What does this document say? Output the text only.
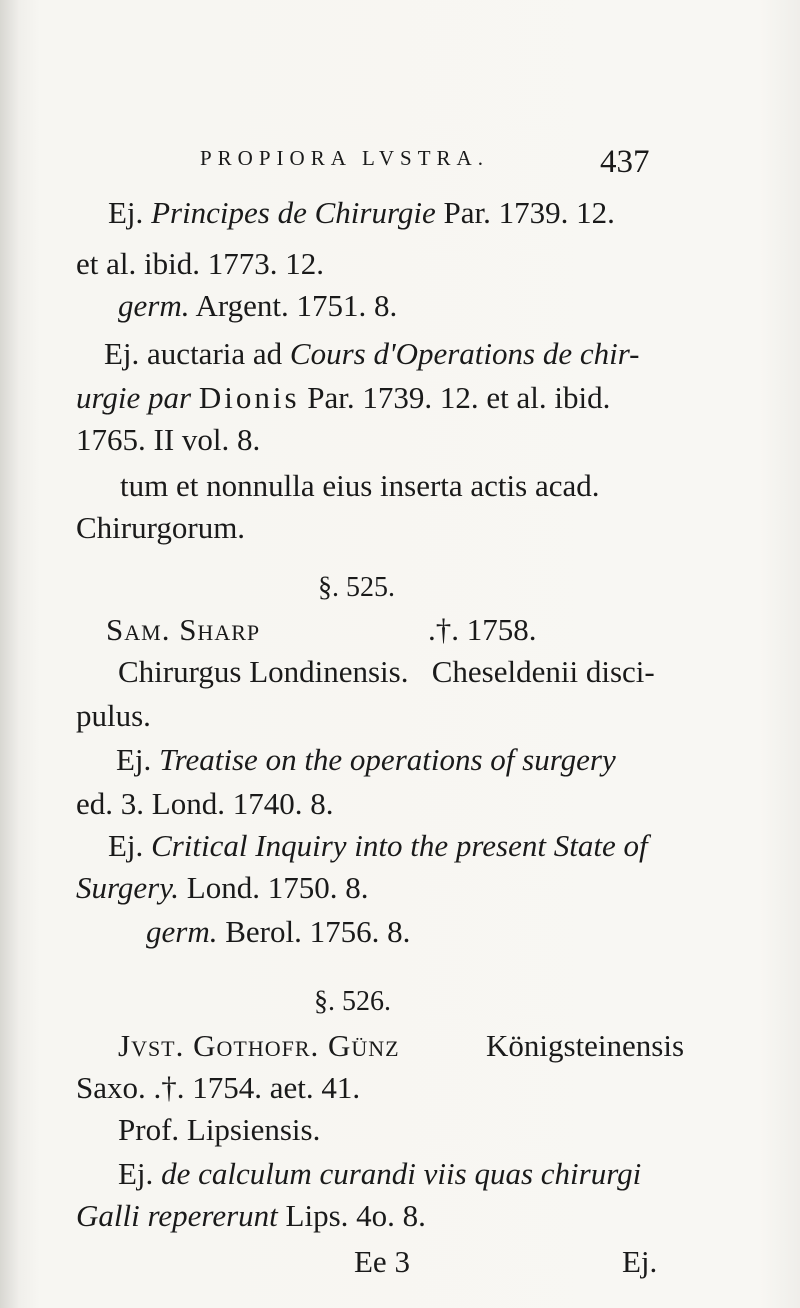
PROPIORA LVSTRA.	437
Ej. Principes de Chirurgie Par. 1739. 12.
et al. ibid. 1773. 12.
germ. Argent. 1751. 8.
Ej. auctaria ad Cours d'Operations de chir-
urgie par Dionis Par. 1739. 12. et al. ibid.
1765. II vol. 8.
tum et nonnulla eius inserta actis acad.
Chirurgorum.
§. 525.
Sam. Sharp	.†. 1758.
Chirurgus Londinensis.   Cheseldenii disci-
pulus.
Ej. Treatise on the operations of surgery
ed. 3. Lond. 1740. 8.
Ej. Critical Inquiry into the present State of
Surgery. Lond. 1750. 8.
germ. Berol. 1756. 8.
§. 526.
Jvst. Gothofr. Günz	Königsteinensis
Saxo. .†. 1754. aet. 41.
Prof. Lipsiensis.
Ej. de calculum curandi viis quas chirurgi
Galli repererunt Lips. 4o. 8.
Ee 3	Ej.
